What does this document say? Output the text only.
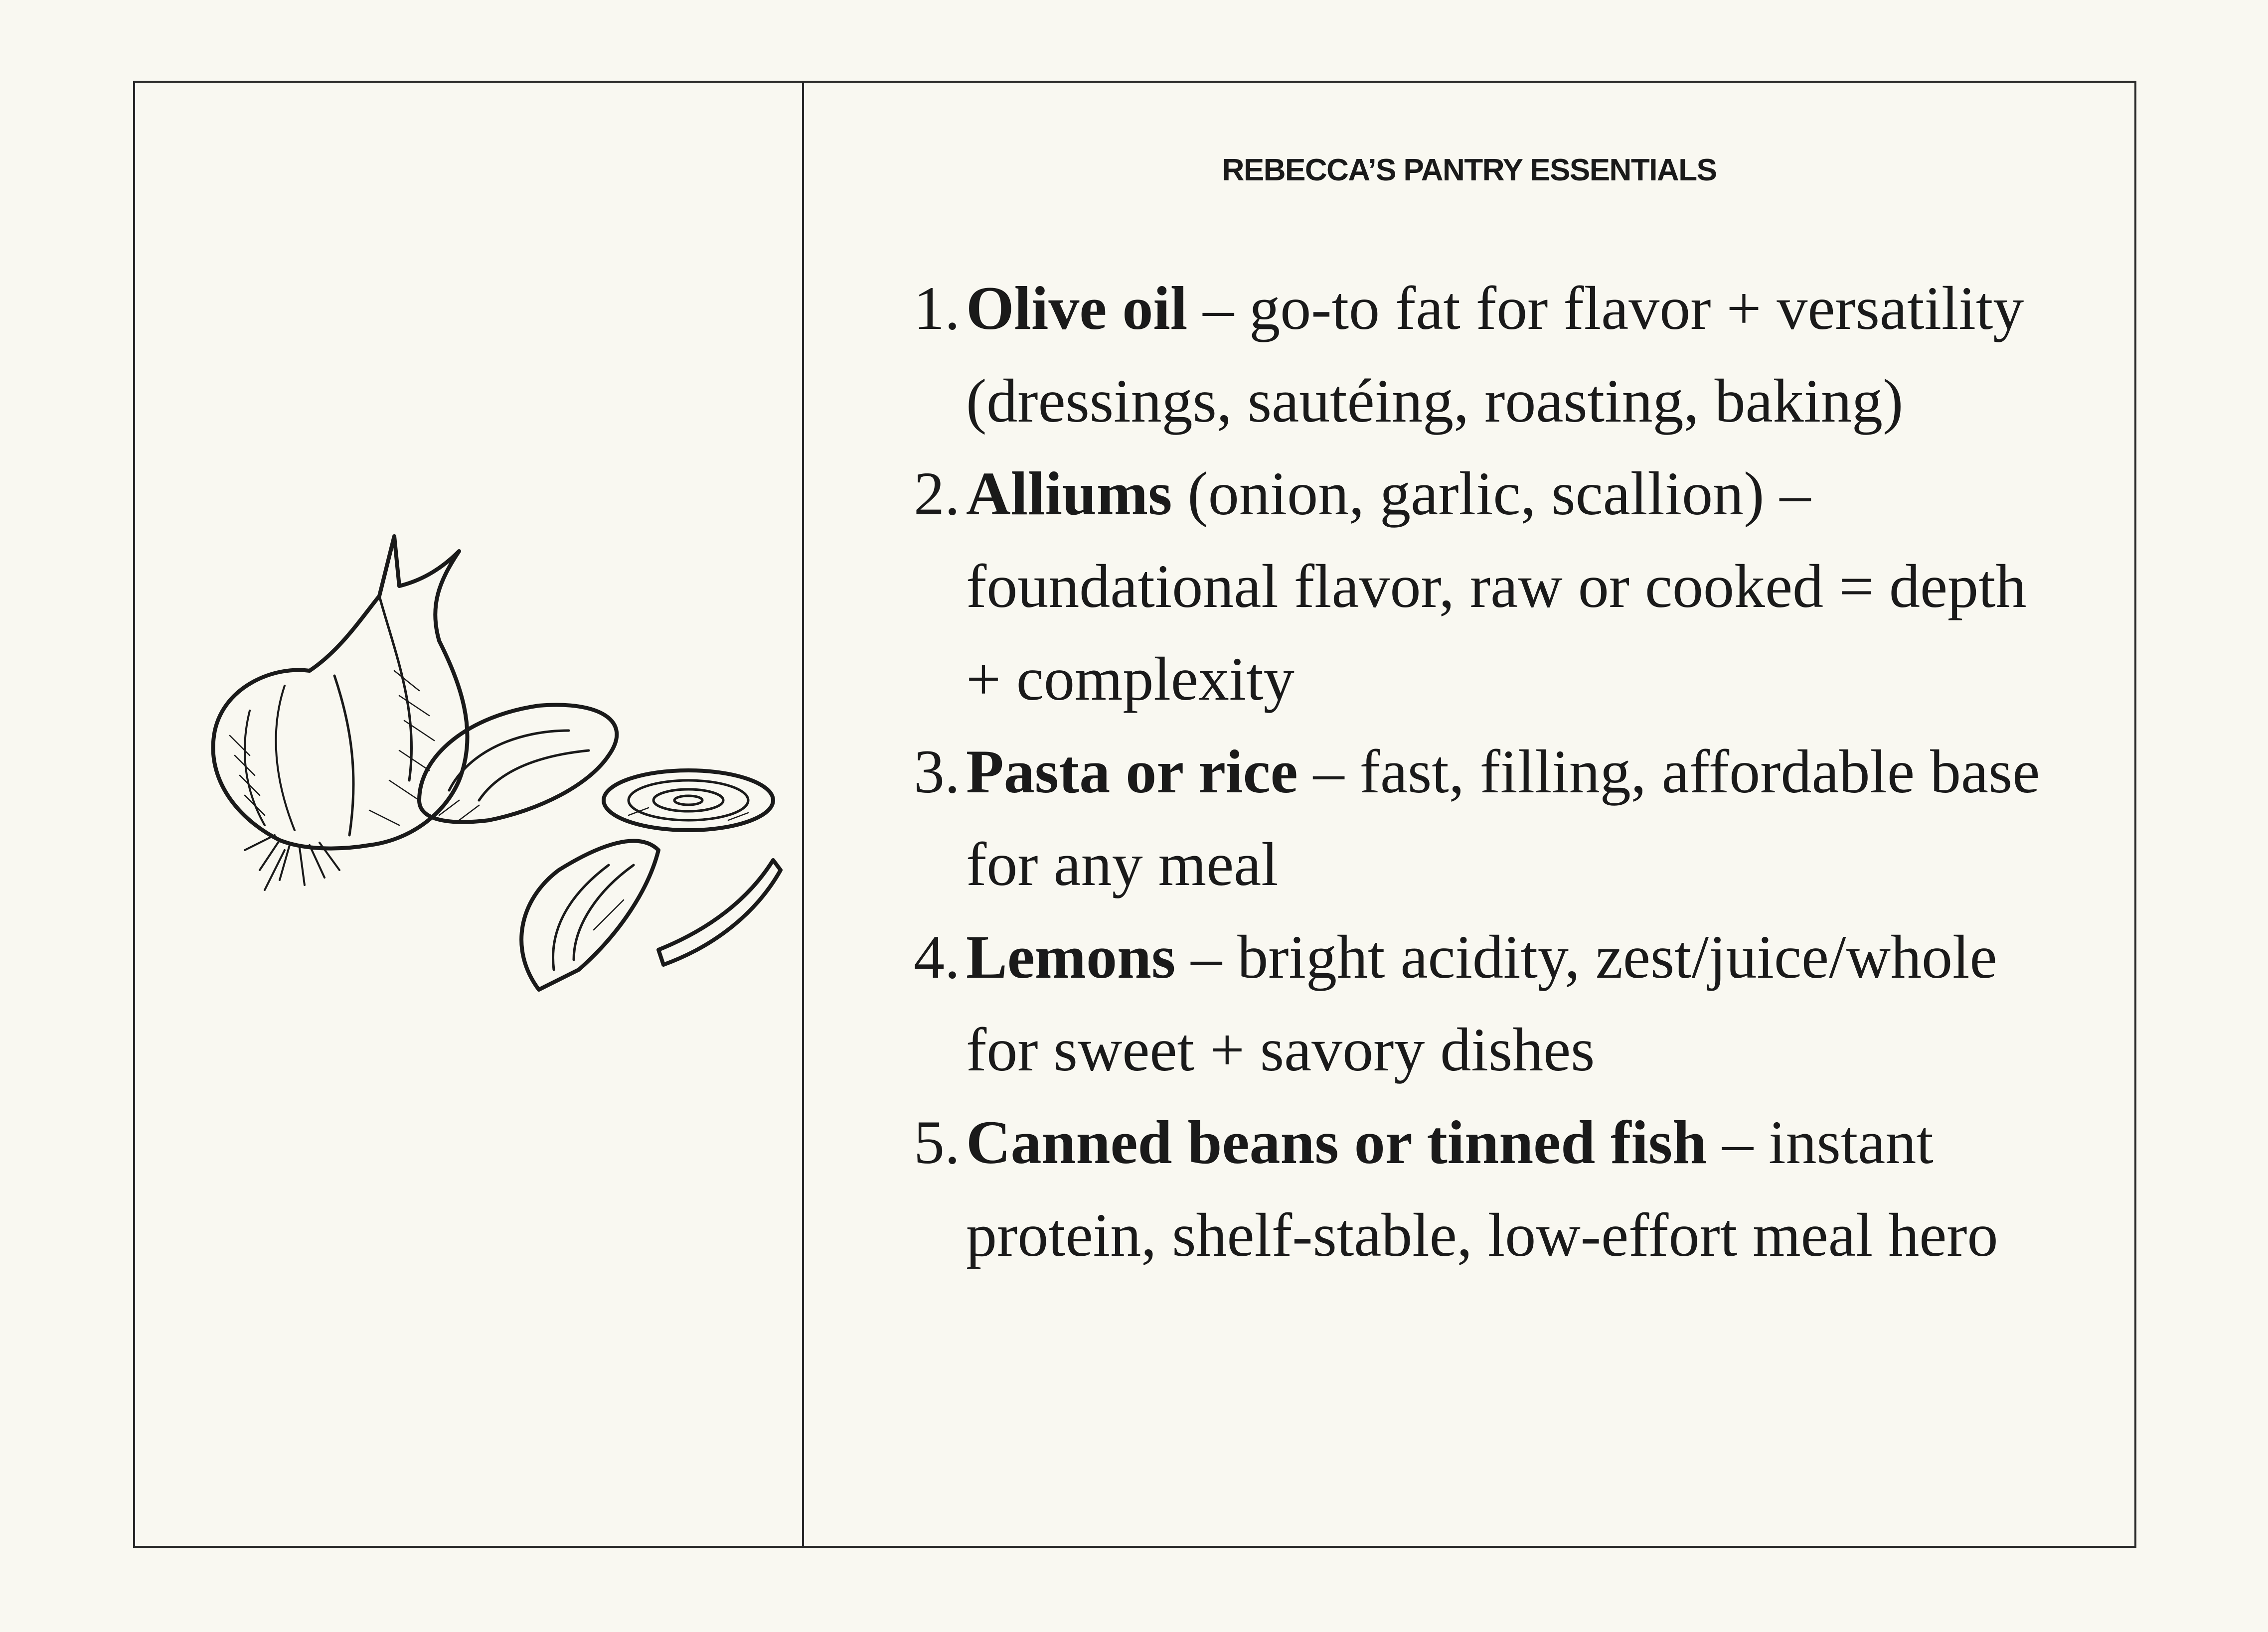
REBECCA’S PANTRY ESSENTIALS
1. Olive oil – go-to fat for flavor + versatility (dressings, sautéing, roasting, baking)
2. Alliums (onion, garlic, scallion) – foundational flavor, raw or cooked = depth + complexity
3. Pasta or rice – fast, filling, affordable base for any meal
4. Lemons – bright acidity, zest/juice/whole for sweet + savory dishes
5. Canned beans or tinned fish – instant protein, shelf-stable, low-effort meal hero
